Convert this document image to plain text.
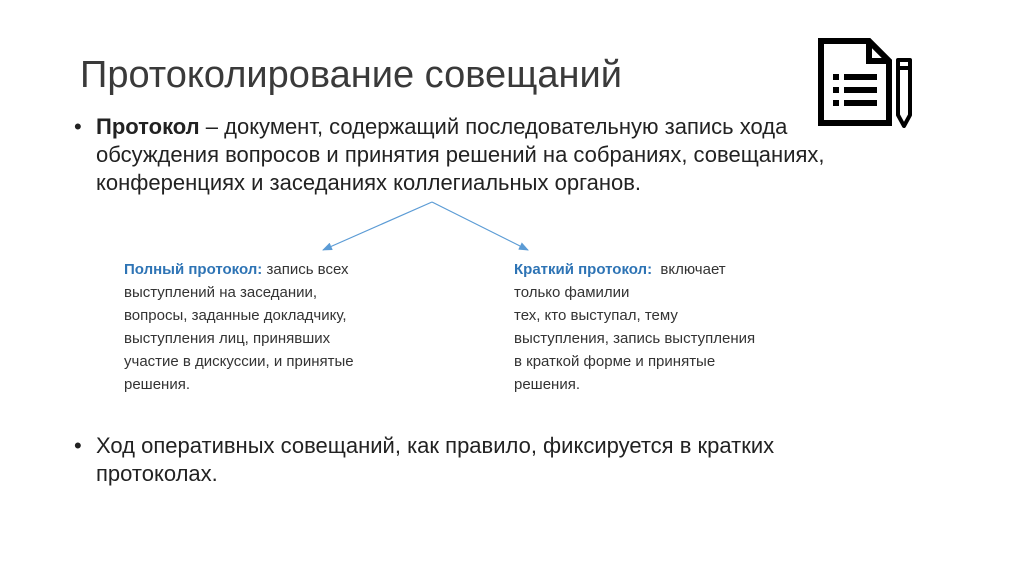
Протоколирование совещаний
• Протокол – документ, содержащий последовательную запись хода
обсуждения вопросов и принятия решений на собраниях, совещаниях,
конференциях и заседаниях коллегиальных органов.
Полный протокол: запись всех
выступлений на заседании,
вопросы, заданные докладчику,
выступления лиц, принявших
участие в дискуссии, и принятые
решения.
Краткий протокол:  включает
только фамилии
тех, кто выступал, тему
выступления, запись выступления
в краткой форме и принятые
решения.
• Ход оперативных совещаний, как правило, фиксируется в кратких
протоколах.
